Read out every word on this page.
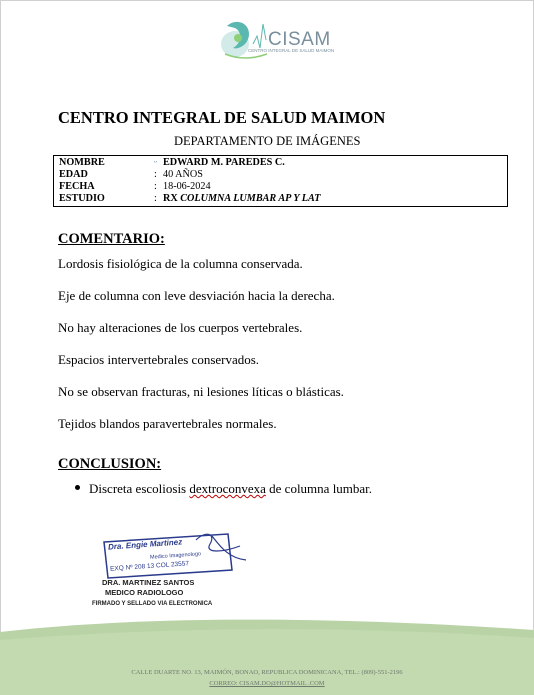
CISAM
CENTRO INTEGRAL DE SALUD MAIMON
CENTRO INTEGRAL DE SALUD MAIMON
DEPARTAMENTO DE IMÁGENES
NOMBRE	ᵕ EDWARD M. PAREDES C.
EDAD	: 40 AÑOS
FECHA	: 18-06-2024
ESTUDIO	: RX COLUMNA LUMBAR AP Y LAT
COMENTARIO:
Lordosis fisiológica de la columna conservada.
Eje de columna con leve desviación hacia la derecha.
No hay alteraciones de los cuerpos vertebrales.
Espacios intervertebrales conservados.
No se observan fracturas, ni lesiones líticas o blásticas.
Tejidos blandos paravertebrales normales.
CONCLUSION:
Discreta escoliosis dextroconvexa de columna lumbar.
Dra. Engie Martinez
Medico Imagenologo
EXQ Nº 208 13 COL 23557
DRA. MARTINEZ SANTOS
MEDICO RADIOLOGO
FIRMADO Y SELLADO VIA ELECTRONICA
CALLE DUARTE NO. 13, MAIMÓN, BONAO, REPUBLICA DOMINICANA, TEL.: (809)-551-2196
CORREO: CISAM.DO@HOTMAIL .COM
